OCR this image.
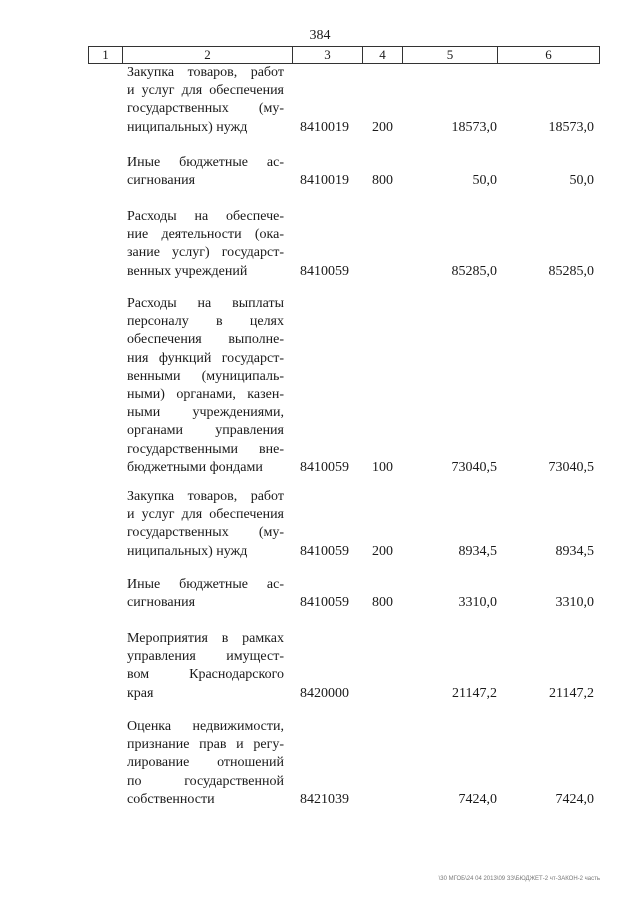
384
1	2	3	4	5	6
Закупка товаров, работ
и услуг для обеспечения
государственных (му-
ниципальных) нужд	8410019 200	18573,0	18573,0
Иные бюджетные ас-
сигнования	8410019 800	50,0	50,0
Расходы на обеспече-
ние деятельности (ока-
зание услуг) государст-
венных учреждений	8410059	85285,0	85285,0
Расходы на выплаты
персоналу в целях
обеспечения выполне-
ния функций государст-
венными (муниципаль-
ными) органами, казен-
ными учреждениями,
органами управления
государственными вне-
бюджетными фондами	8410059 100	73040,5	73040,5
Закупка товаров, работ
и услуг для обеспечения
государственных (му-
ниципальных) нужд	8410059 200	8934,5	8934,5
Иные бюджетные ас-
сигнования	8410059 800	3310,0	3310,0
Мероприятия в рамках
управления имущест-
вом Краснодарского
края	8420000	21147,2	21147,2
Оценка недвижимости,
признание прав и регу-
лирование отношений
по государственной
собственности	8421039	7424,0	7424,0
\30 МГОБ\24 04 2013\09 ЗЗ\БЮДЖЕТ-2 чт-ЗАКОН-2 часть
